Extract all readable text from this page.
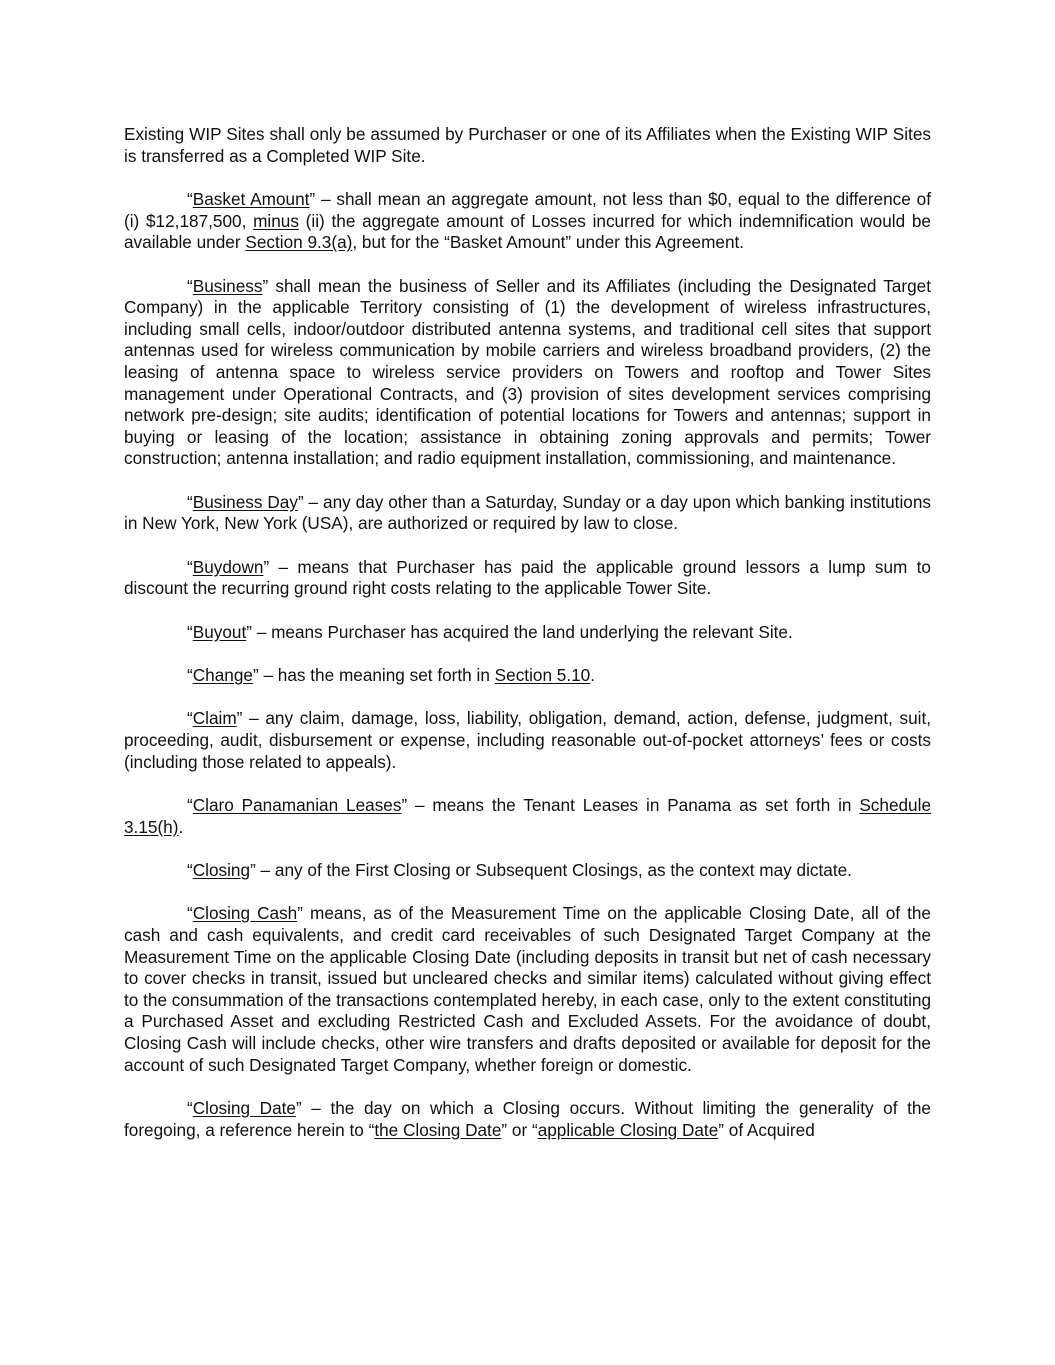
Existing WIP Sites shall only be assumed by Purchaser or one of its Affiliates when the Existing WIP Sites is transferred as a Completed WIP Site.

“Basket Amount” – shall mean an aggregate amount, not less than $0, equal to the difference of (i) $12,187,500, minus (ii) the aggregate amount of Losses incurred for which indemnification would be available under Section 9.3(a), but for the “Basket Amount” under this Agreement.

“Business” shall mean the business of Seller and its Affiliates (including the Designated Target Company) in the applicable Territory consisting of (1) the development of wireless infrastructures, including small cells, indoor/outdoor distributed antenna systems, and traditional cell sites that support antennas used for wireless communication by mobile carriers and wireless broadband providers, (2) the leasing of antenna space to wireless service providers on Towers and rooftop and Tower Sites management under Operational Contracts, and (3) provision of sites development services comprising network pre-design; site audits; identification of potential locations for Towers and antennas; support in buying or leasing of the location; assistance in obtaining zoning approvals and permits; Tower construction; antenna installation; and radio equipment installation, commissioning, and maintenance.

“Business Day” – any day other than a Saturday, Sunday or a day upon which banking institutions in New York, New York (USA), are authorized or required by law to close.

“Buydown” – means that Purchaser has paid the applicable ground lessors a lump sum to discount the recurring ground right costs relating to the applicable Tower Site.

“Buyout” – means Purchaser has acquired the land underlying the relevant Site.

“Change” – has the meaning set forth in Section 5.10.

“Claim” – any claim, damage, loss, liability, obligation, demand, action, defense, judgment, suit, proceeding, audit, disbursement or expense, including reasonable out-of-pocket attorneys’ fees or costs (including those related to appeals).

“Claro Panamanian Leases” – means the Tenant Leases in Panama as set forth in Schedule 3.15(h).

“Closing” – any of the First Closing or Subsequent Closings, as the context may dictate.

“Closing Cash” means, as of the Measurement Time on the applicable Closing Date, all of the cash and cash equivalents, and credit card receivables of such Designated Target Company at the Measurement Time on the applicable Closing Date (including deposits in transit but net of cash necessary to cover checks in transit, issued but uncleared checks and similar items) calculated without giving effect to the consummation of the transactions contemplated hereby, in each case, only to the extent constituting a Purchased Asset and excluding Restricted Cash and Excluded Assets. For the avoidance of doubt, Closing Cash will include checks, other wire transfers and drafts deposited or available for deposit for the account of such Designated Target Company, whether foreign or domestic.

“Closing Date” – the day on which a Closing occurs. Without limiting the generality of the foregoing, a reference herein to “the Closing Date” or “applicable Closing Date” of Acquired
